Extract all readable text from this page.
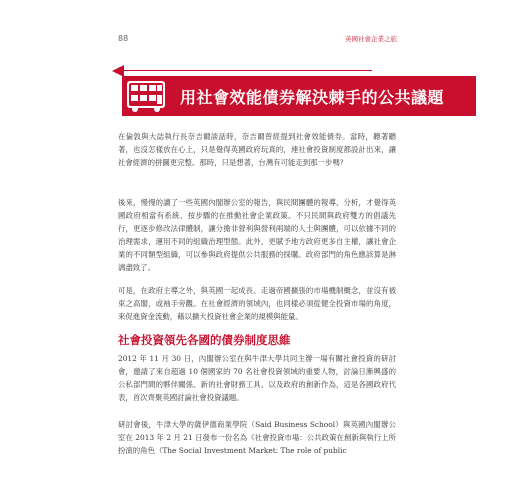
88	英國社會企業之旅
用社會效能債券解決棘手的公共議題

在倫敦與大誌執行長奈吉爾談話時，奈吉爾曾經提到社會效能債券。當時，聽著聽著，也沒怎樣放在心上，只是覺得英國政府玩真的，連社會投資制度都設計出來，讓社會經濟的拼圖更完整。那時，只是想著，台灣有可能走到那一步嗎？

後來，慢慢的讀了一些英國內閣辦公室的報告，與民間團體的報導、分析，才覺得英國政府相當有系統、按步驟的在推動社會企業政策。不只民間與政府雙方的倡議先行，更逐步修改法律體制，讓分擔非營利與營利兩端的人士與團體，可以依據不同的治理需求，運用不同的組織治理型態。此外，更賦予地方政府更多自主權，讓社會企業的不同類型組織，可以參與政府提供公共服務的採購。政府部門的角色應該算是淋漓盡致了。

可是，在政府主導之外，與英國一起成長、走過帝國擴張的市場機制概念，並沒有被束之高閣，或袖手旁觀。在社會經濟的領域內，也同樣必須從健全投資市場的角度，來促進資金流動，藉以擴大投資社會企業的規模與能量。

社會投資領先各國的債券制度思維

2012 年 11 月 30 日，內閣辦公室在與牛津大學共同主辦一場有關社會投資的研討會，邀請了來自超過 10 個國家的 70 名社會投資領域的重要人物，討論日漸興盛的公私部門間的夥伴關係、新的社會財務工具、以及政府的創新作為，這是各國政府代表，首次齊聚英國討論社會投資議題。

研討會後，牛津大學的薩伊德商業學院（Said Business School）與英國內閣辦公室在 2013 年 2 月 21 日發布一份名為《社會投資市場：公共政策在創新與執行上所扮演的角色（The Social Investment Market: The role of public
